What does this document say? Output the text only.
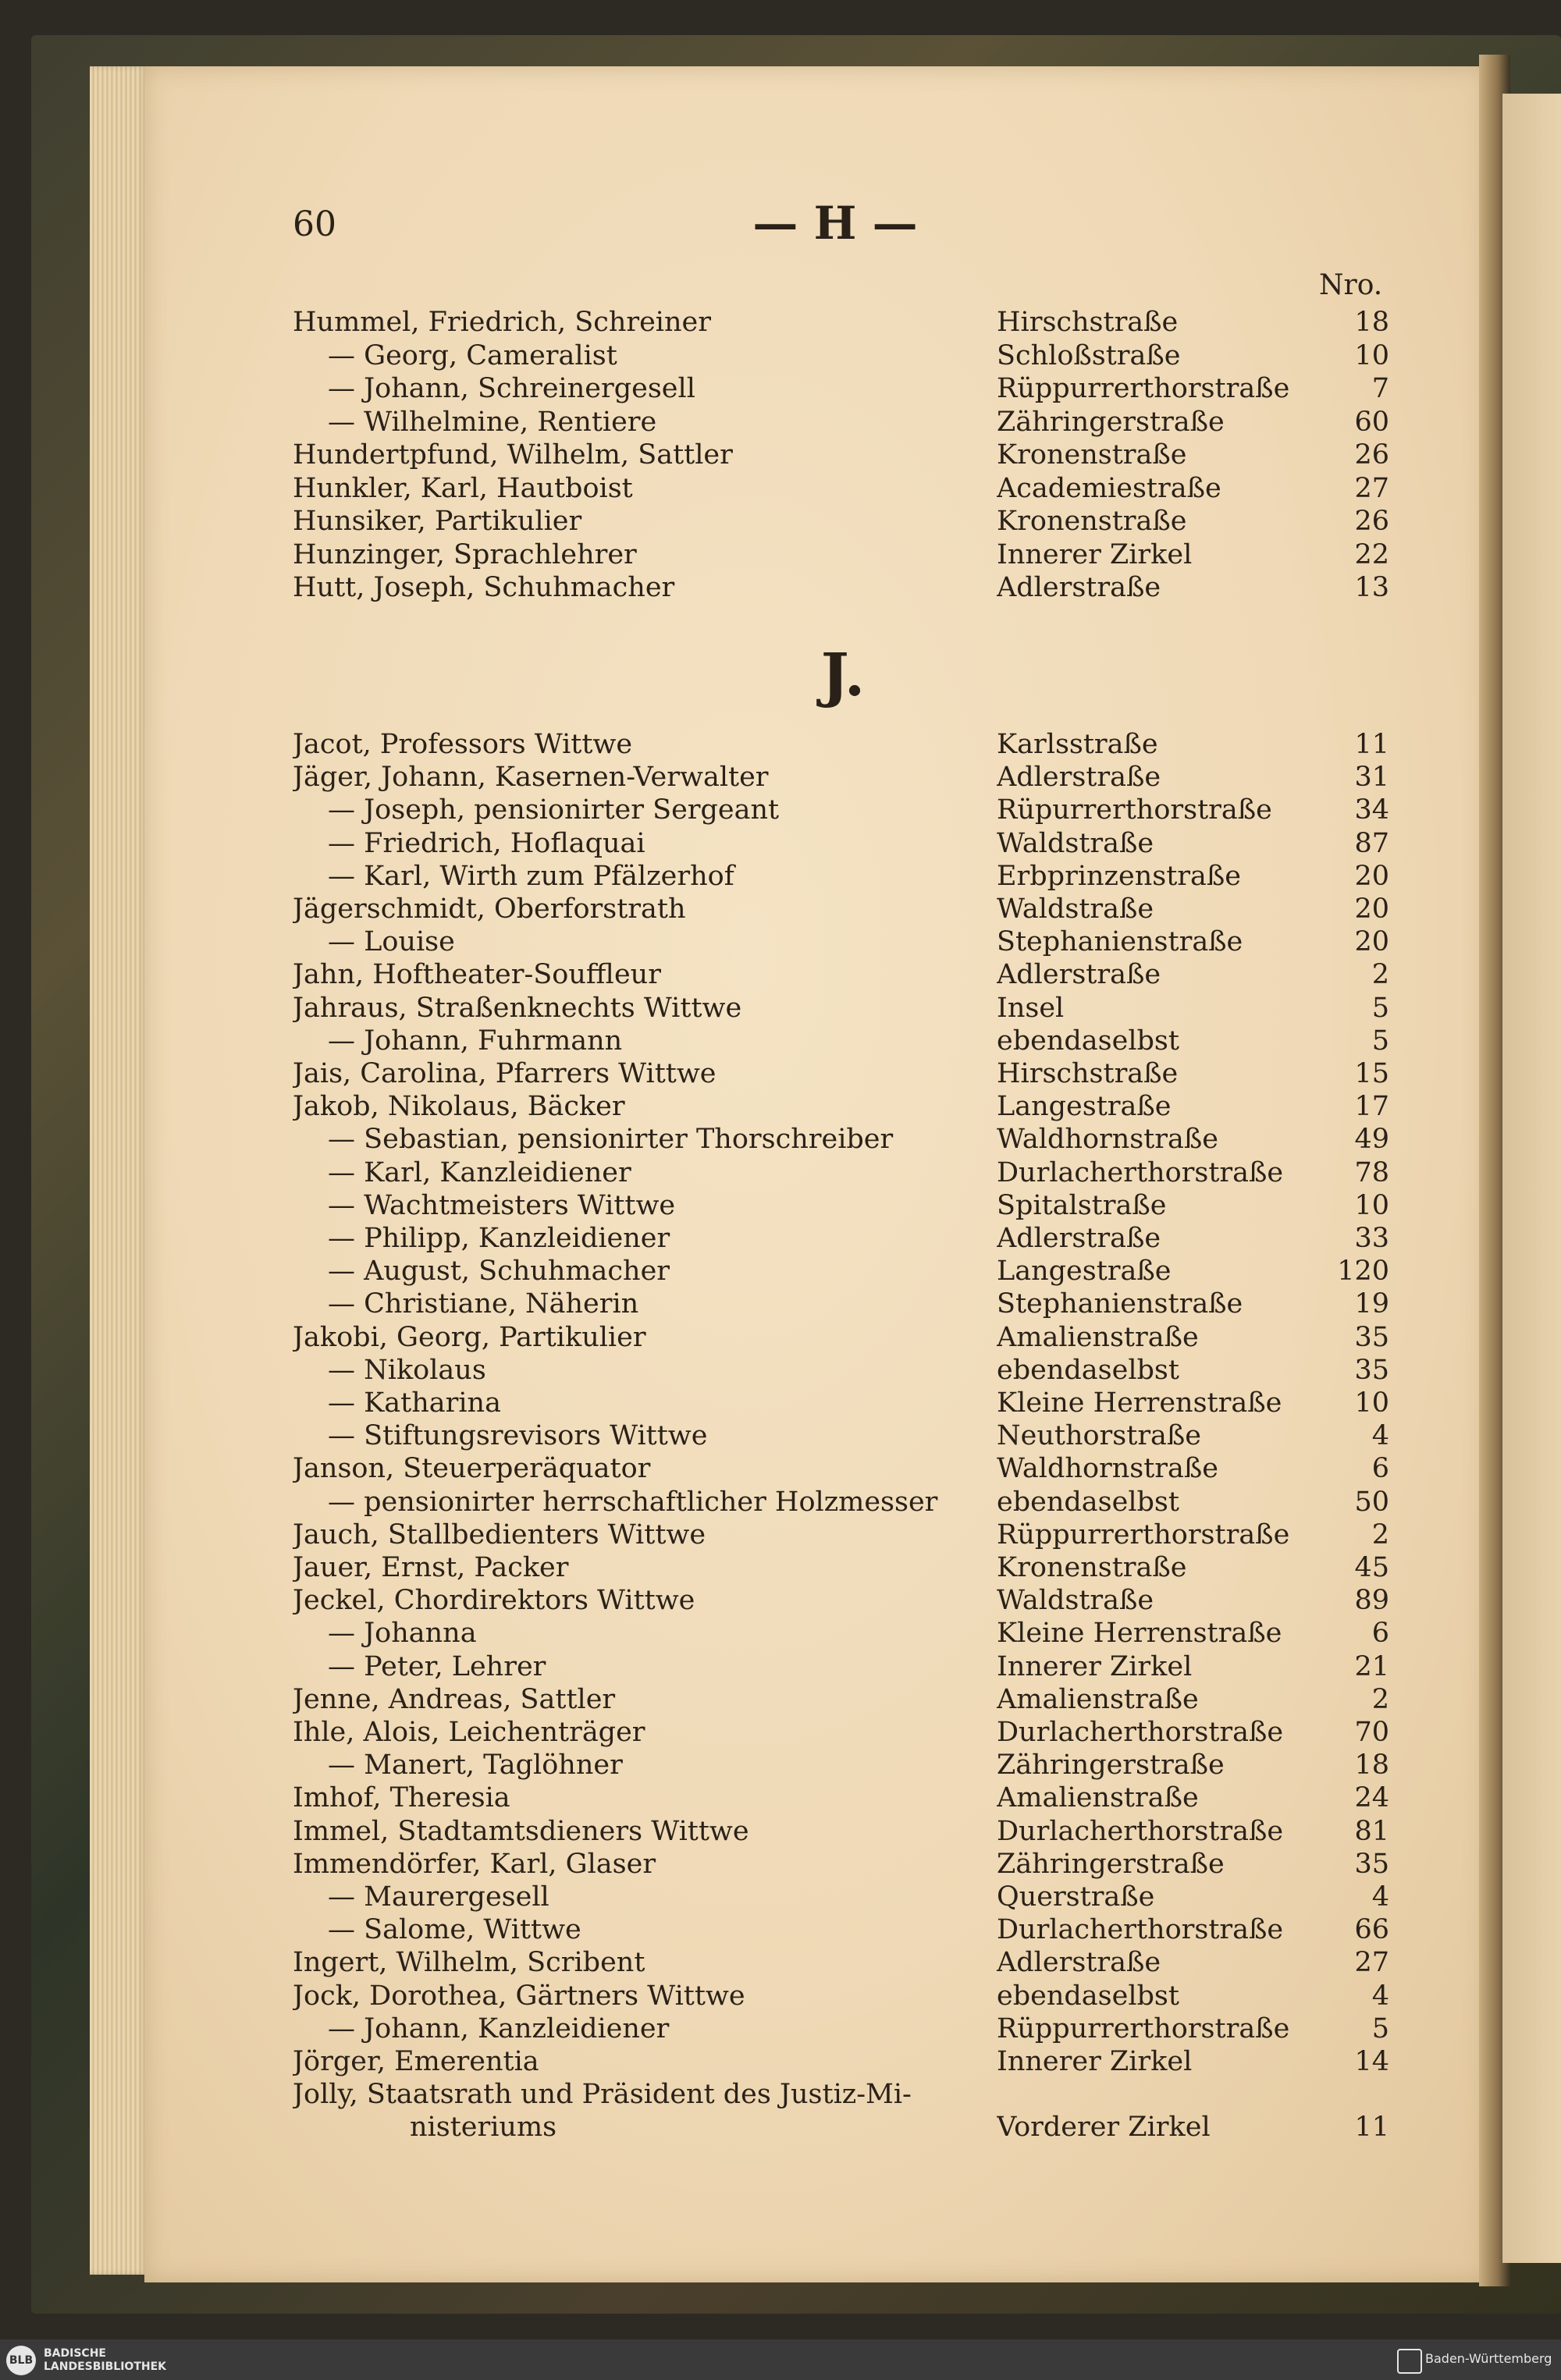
60	— H —
Nro.
J.
Hummel, Friedrich, Schreiner	Hirschstraße	18
— Georg, Cameralist	Schloßstraße	10
— Johann, Schreinergesell	Rüppurrerthorstraße	7
— Wilhelmine, Rentiere	Zähringerstraße	60
Hundertpfund, Wilhelm, Sattler	Kronenstraße	26
Hunkler, Karl, Hautboist	Academiestraße	27
Hunsiker, Partikulier	Kronenstraße	26
Hunzinger, Sprachlehrer	Innerer Zirkel	22
Hutt, Joseph, Schuhmacher	Adlerstraße	13
Jacot, Professors Wittwe	Karlsstraße	11
Jäger, Johann, Kasernen-Verwalter	Adlerstraße	31
— Joseph, pensionirter Sergeant	Rüpurrerthorstraße	34
— Friedrich, Hoflaquai	Waldstraße	87
— Karl, Wirth zum Pfälzerhof	Erbprinzenstraße	20
Jägerschmidt, Oberforstrath	Waldstraße	20
— Louise	Stephanienstraße	20
Jahn, Hoftheater-Souffleur	Adlerstraße	2
Jahraus, Straßenknechts Wittwe	Insel	5
— Johann, Fuhrmann	ebendaselbst	5
Jais, Carolina, Pfarrers Wittwe	Hirschstraße	15
Jakob, Nikolaus, Bäcker	Langestraße	17
— Sebastian, pensionirter Thorschreiber	Waldhornstraße	49
— Karl, Kanzleidiener	Durlacherthorstraße	78
— Wachtmeisters Wittwe	Spitalstraße	10
— Philipp, Kanzleidiener	Adlerstraße	33
— August, Schuhmacher	Langestraße	120
— Christiane, Näherin	Stephanienstraße	19
Jakobi, Georg, Partikulier	Amalienstraße	35
— Nikolaus	ebendaselbst	35
— Katharina	Kleine Herrenstraße	10
— Stiftungsrevisors Wittwe	Neuthorstraße	4
Janson, Steuerperäquator	Waldhornstraße	6
— pensionirter herrschaftlicher Holzmesser	ebendaselbst	50
Jauch, Stallbedienters Wittwe	Rüppurrerthorstraße	2
Jauer, Ernst, Packer	Kronenstraße	45
Jeckel, Chordirektors Wittwe	Waldstraße	89
— Johanna	Kleine Herrenstraße	6
— Peter, Lehrer	Innerer Zirkel	21
Jenne, Andreas, Sattler	Amalienstraße	2
Ihle, Alois, Leichenträger	Durlacherthorstraße	70
— Manert, Taglöhner	Zähringerstraße	18
Imhof, Theresia	Amalienstraße	24
Immel, Stadtamtsdieners Wittwe	Durlacherthorstraße	81
Immendörfer, Karl, Glaser	Zähringerstraße	35
— Maurergesell	Querstraße	4
— Salome, Wittwe	Durlacherthorstraße	66
Ingert, Wilhelm, Scribent	Adlerstraße	27
Jock, Dorothea, Gärtners Wittwe	ebendaselbst	4
— Johann, Kanzleidiener	Rüppurrerthorstraße	5
Jörger, Emerentia	Innerer Zirkel	14
Jolly, Staatsrath und Präsident des Justiz-Mi-
nisteriums	Vorderer Zirkel	11
BLB
BADISCHE
LANDESBIBLIOTHEK
Baden-Württemberg
